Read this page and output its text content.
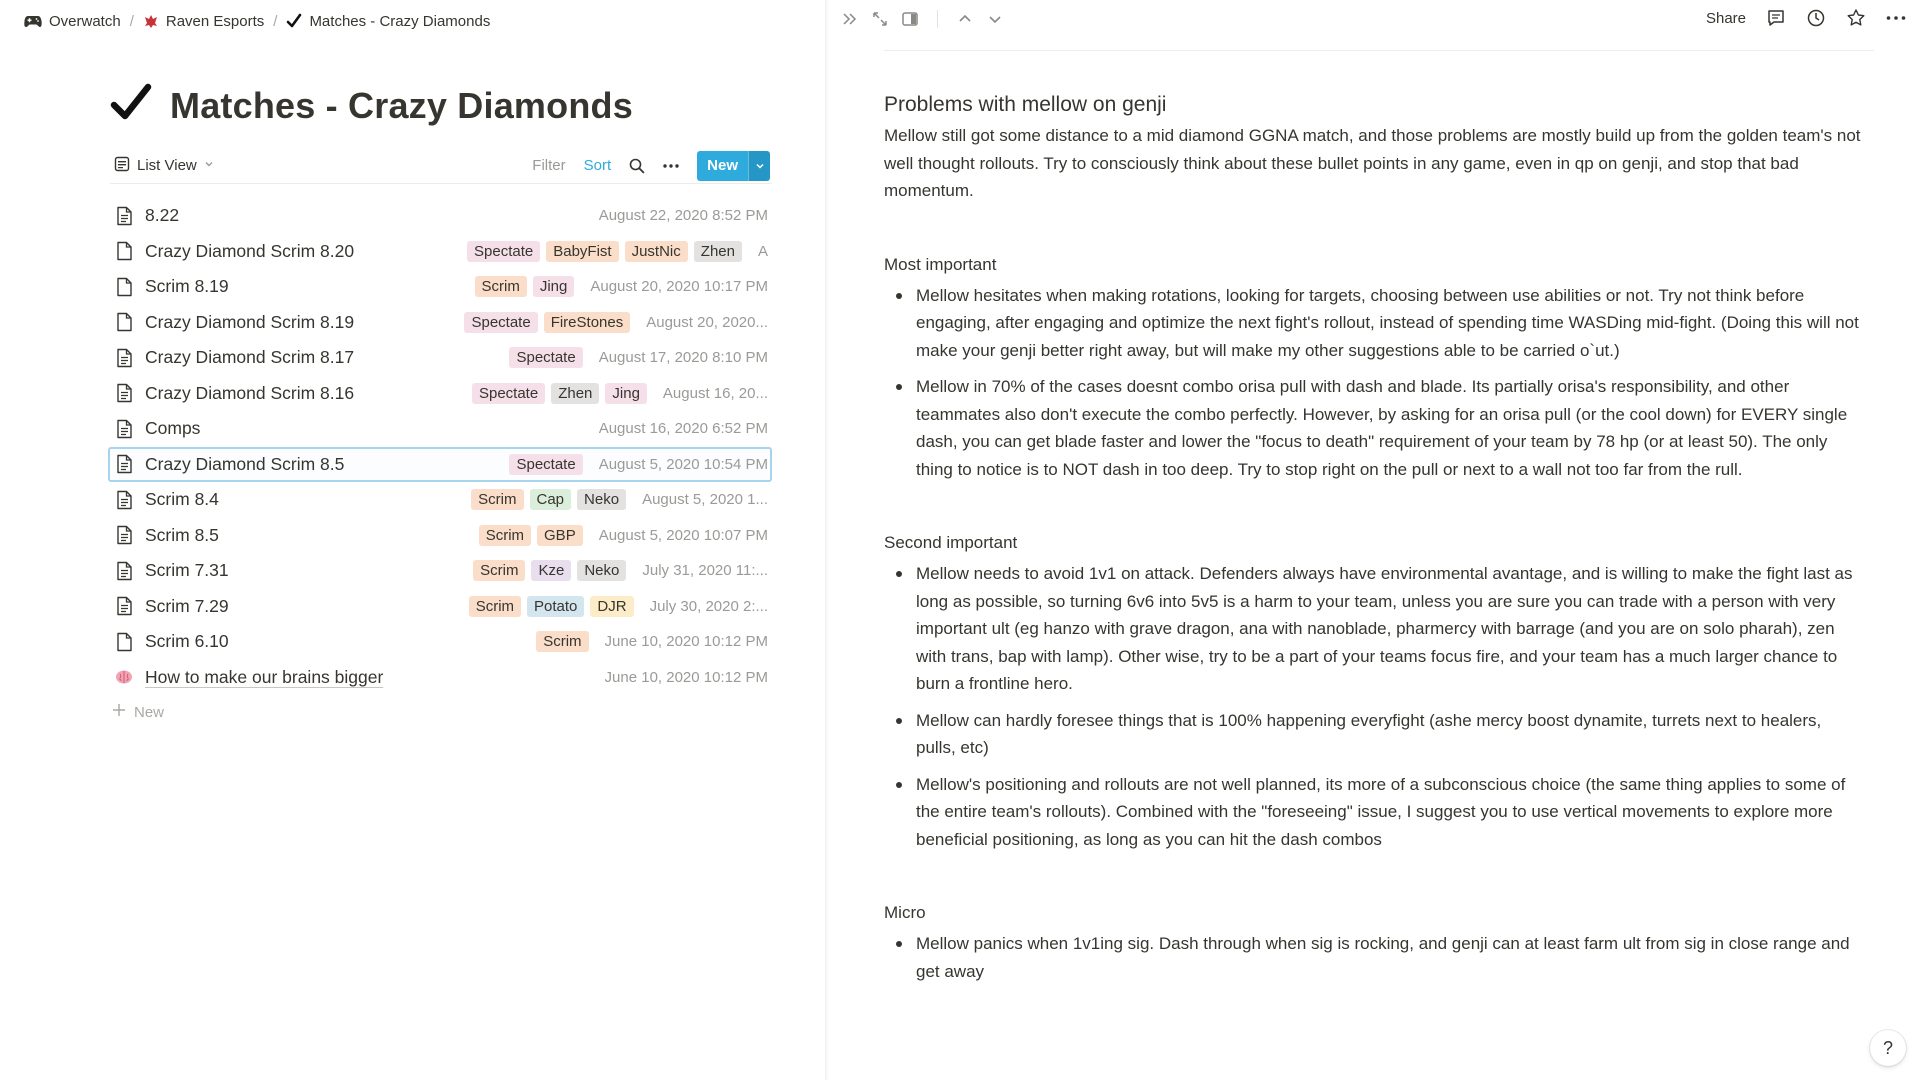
Overwatch / Raven Esports / Matches - Crazy Diamonds
Matches - Crazy Diamonds
List View	Filter Sort	New
8.22	August 22, 2020 8:52 PM
Crazy Diamond Scrim 8.20	Spectate	BabyFist	JustNic	Zhen	A
Scrim 8.19	Scrim	Jing	August 20, 2020 10:17 PM
Crazy Diamond Scrim 8.19	Spectate	FireStones	August 20, 2020...
Crazy Diamond Scrim 8.17	Spectate	August 17, 2020 8:10 PM
Crazy Diamond Scrim 8.16	Spectate	Zhen	Jing	August 16, 20...
Comps	August 16, 2020 6:52 PM
Crazy Diamond Scrim 8.5	Spectate	August 5, 2020 10:54 PM
Scrim 8.4	Scrim	Cap	Neko	August 5, 2020 1...
Scrim 8.5	Scrim	GBP	August 5, 2020 10:07 PM
Scrim 7.31	Scrim	Kze	Neko	July 31, 2020 11:...
Scrim 7.29	Scrim	Potato	DJR	July 30, 2020 2:...
Scrim 6.10	Scrim	June 10, 2020 10:12 PM
How to make our brains bigger	June 10, 2020 10:12 PM
New
Share
Problems with mellow on genji

Mellow still got some distance to a mid diamond GGNA match, and those problems are mostly build up from the golden team's not well thought rollouts. Try to consciously think about these bullet points in any game, even in qp on genji, and stop that bad momentum.

Most important
Mellow hesitates when making rotations, looking for targets, choosing between use abilities or not. Try not think before engaging, after engaging and optimize the next fight's rollout, instead of spending time WASDing mid-fight. (Doing this will not make your genji better right away, but will make my other suggestions able to be carried o`ut.)
Mellow in 70% of the cases doesnt combo orisa pull with dash and blade. Its partially orisa's responsibility, and other teammates also don't execute the combo perfectly. However, by asking for an orisa pull (or the cool down) for EVERY single dash, you can get blade faster and lower the "focus to death" requirement of your team by 78 hp (or at least 50). The only thing to notice is to NOT dash in too deep. Try to stop right on the pull or next to a wall not too far from the rull.
Second important
Mellow needs to avoid 1v1 on attack. Defenders always have environmental avantage, and is willing to make the fight last as long as possible, so turning 6v6 into 5v5 is a harm to your team, unless you are sure you can trade with a person with very important ult (eg hanzo with grave dragon, ana with nanoblade, pharmercy with barrage (and you are on solo pharah), zen with trans, bap with lamp). Other wise, try to be a part of your teams focus fire, and your team has a much larger chance to burn a frontline hero.
Mellow can hardly foresee things that is 100% happening everyfight (ashe mercy boost dynamite, turrets next to healers, pulls, etc)
Mellow's positioning and rollouts are not well planned, its more of a subconscious choice (the same thing applies to some of the entire team's rollouts). Combined with the "foreseeing" issue, I suggest you to use vertical movements to explore more beneficial positioning, as long as you can hit the dash combos
Micro
Mellow panics when 1v1ing sig. Dash through when sig is rocking, and genji can at least farm ult from sig in close range and get away
?
